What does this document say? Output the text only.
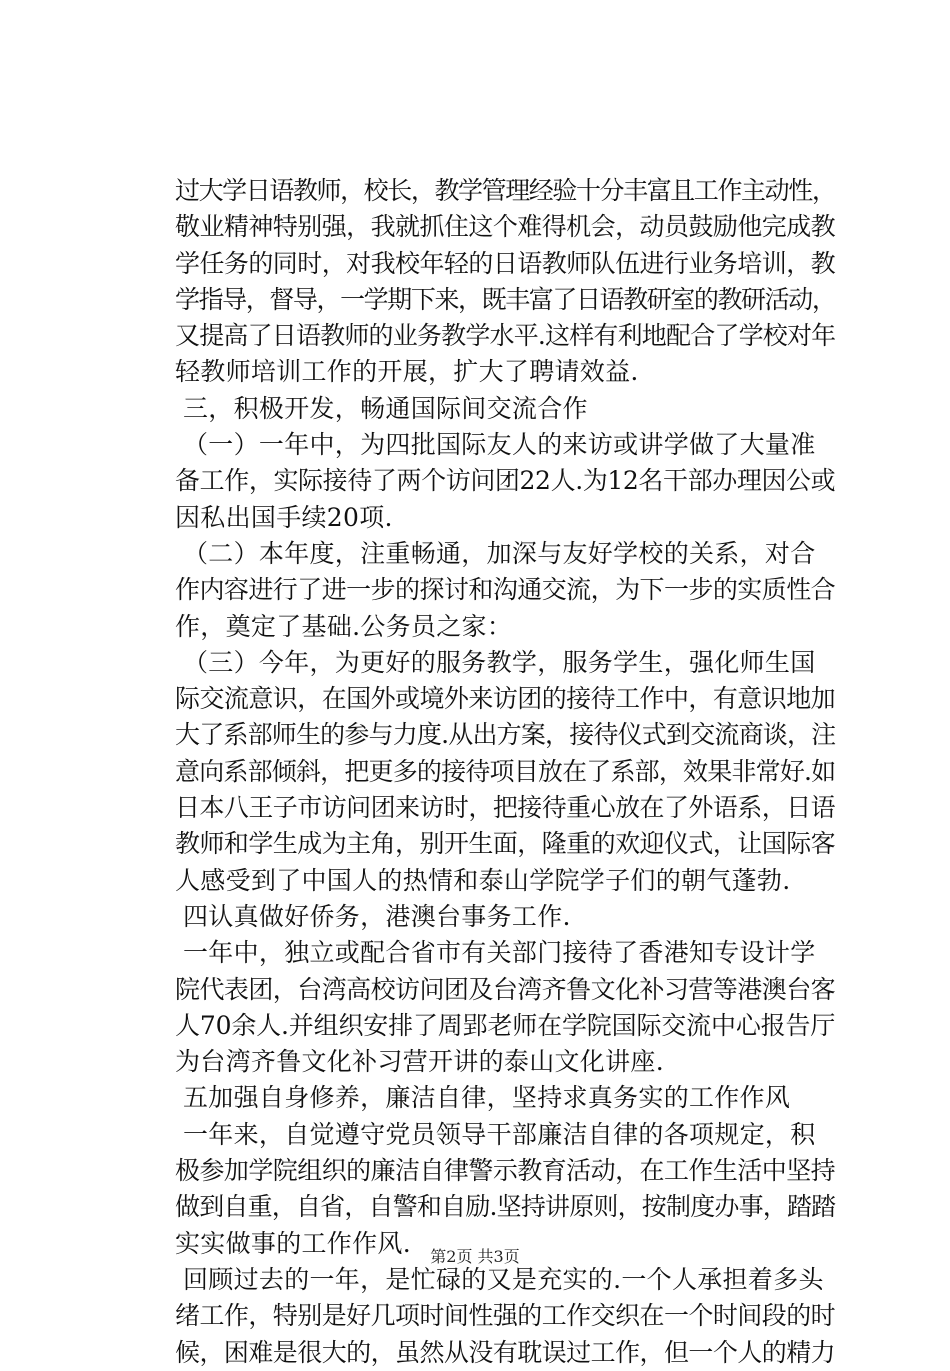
过大学日语教师，校长，教学管理经验十分丰富且工作主动性，
敬业精神特别强，我就抓住这个难得机会，动员鼓励他完成教
学任务的同时，对我校年轻的日语教师队伍进行业务培训，教
学指导，督导，一学期下来，既丰富了日语教研室的教研活动，
又提高了日语教师的业务教学水平.这样有利地配合了学校对年
轻教师培训工作的开展，扩大了聘请效益.
三，积极开发，畅通国际间交流合作
（一）一年中，为四批国际友人的来访或讲学做了大量准
备工作，实际接待了两个访问团22人.为12名干部办理因公或
因私出国手续20项.
（二）本年度，注重畅通，加深与友好学校的关系，对合
作内容进行了进一步的探讨和沟通交流，为下一步的实质性合
作，奠定了基础.公务员之家：
（三）今年，为更好的服务教学，服务学生，强化师生国
际交流意识，在国外或境外来访团的接待工作中，有意识地加
大了系部师生的参与力度.从出方案，接待仪式到交流商谈，注
意向系部倾斜，把更多的接待项目放在了系部，效果非常好.如
日本八王子市访问团来访时，把接待重心放在了外语系，日语
教师和学生成为主角，别开生面，隆重的欢迎仪式，让国际客
人感受到了中国人的热情和泰山学院学子们的朝气蓬勃.
四认真做好侨务，港澳台事务工作.
一年中，独立或配合省市有关部门接待了香港知专设计学
院代表团，台湾高校访问团及台湾齐鲁文化补习营等港澳台客
人70余人.并组织安排了周郢老师在学院国际交流中心报告厅
为台湾齐鲁文化补习营开讲的泰山文化讲座.
五加强自身修养，廉洁自律，坚持求真务实的工作作风
一年来，自觉遵守党员领导干部廉洁自律的各项规定，积
极参加学院组织的廉洁自律警示教育活动，在工作生活中坚持
做到自重，自省，自警和自励.坚持讲原则，按制度办事，踏踏
实实做事的工作作风.
回顾过去的一年，是忙碌的又是充实的.一个人承担着多头
绪工作，特别是好几项时间性强的工作交织在一个时间段的时
候，困难是很大的，虽然从没有耽误过工作，但一个人的精力
第2页 共3页
